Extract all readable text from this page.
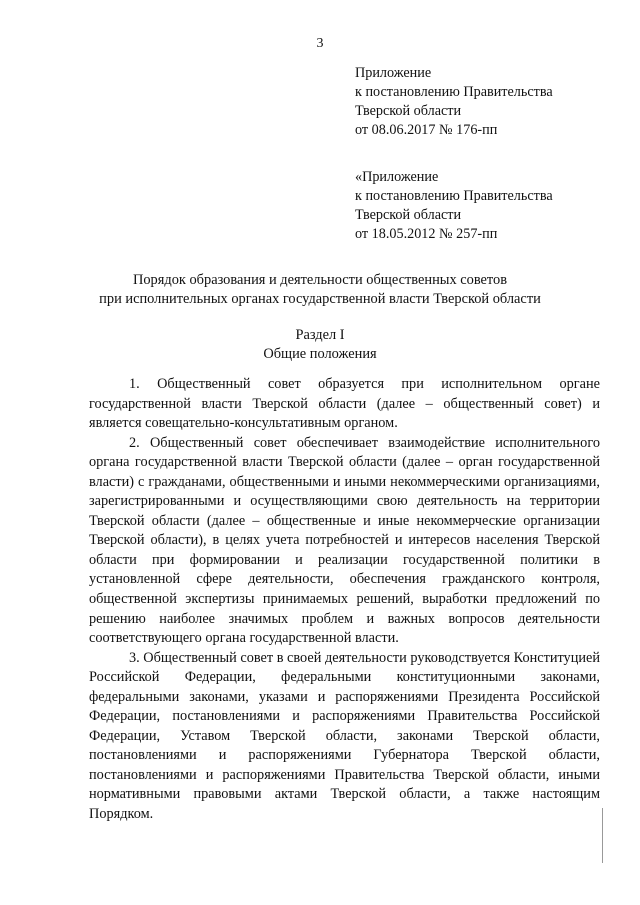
3
Приложение
к постановлению Правительства
Тверской области
от 08.06.2017 № 176-пп
«Приложение
к постановлению Правительства
Тверской области
от 18.05.2012 № 257-пп
Порядок образования и деятельности общественных советов
при исполнительных органах государственной власти Тверской области
Раздел I
Общие положения

1. Общественный совет образуется при исполнительном органе государственной власти Тверской области (далее – общественный совет) и является совещательно-консультативным органом.

2. Общественный совет обеспечивает взаимодействие исполнительного органа государственной власти Тверской области (далее – орган государственной власти) с гражданами, общественными и иными некоммерческими организациями, зарегистрированными и осуществляющими свою деятельность на территории Тверской области (далее – общественные и иные некоммерческие организации Тверской области), в целях учета потребностей и интересов населения Тверской области при формировании и реализации государственной политики в установленной сфере деятельности, обеспечения гражданского контроля, общественной экспертизы принимаемых решений, выработки предложений по решению наиболее значимых проблем и важных вопросов деятельности соответствующего органа государственной власти.

3. Общественный совет в своей деятельности руководствуется Конституцией Российской Федерации, федеральными конституционными законами, федеральными законами, указами и распоряжениями Президента Российской Федерации, постановлениями и распоряжениями Правительства Российской Федерации, Уставом Тверской области, законами Тверской области, постановлениями и распоряжениями Губернатора Тверской области, постановлениями и распоряжениями Правительства Тверской области, иными нормативными правовыми актами Тверской области, а также настоящим Порядком.
